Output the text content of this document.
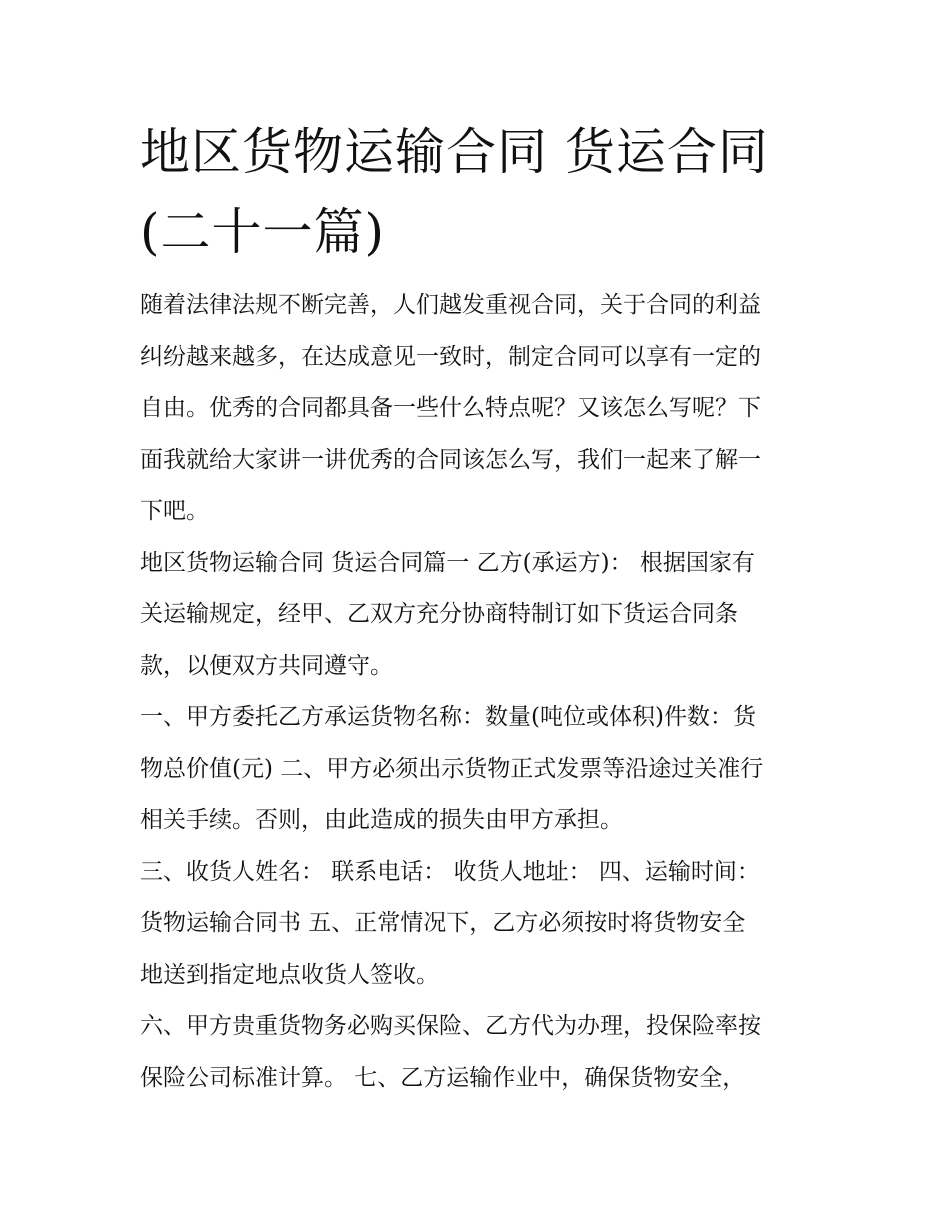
地区货物运输合同 货运合同
(二十一篇)
随着法律法规不断完善，人们越发重视合同，关于合同的利益
纠纷越来越多，在达成意见一致时，制定合同可以享有一定的
自由。优秀的合同都具备一些什么特点呢？又该怎么写呢？下
面我就给大家讲一讲优秀的合同该怎么写，我们一起来了解一
下吧。
地区货物运输合同 货运合同篇一 乙方(承运方)： 根据国家有
关运输规定，经甲、乙双方充分协商特制订如下货运合同条
款，以便双方共同遵守。
一、甲方委托乙方承运货物名称：数量(吨位或体积)件数：货
物总价值(元) 二、甲方必须出示货物正式发票等沿途过关准行
相关手续。否则，由此造成的损失由甲方承担。
三、收货人姓名： 联系电话： 收货人地址： 四、运输时间：
货物运输合同书 五、正常情况下，乙方必须按时将货物安全
地送到指定地点收货人签收。
六、甲方贵重货物务必购买保险、乙方代为办理，投保险率按
保险公司标准计算。 七、乙方运输作业中，确保货物安全，
